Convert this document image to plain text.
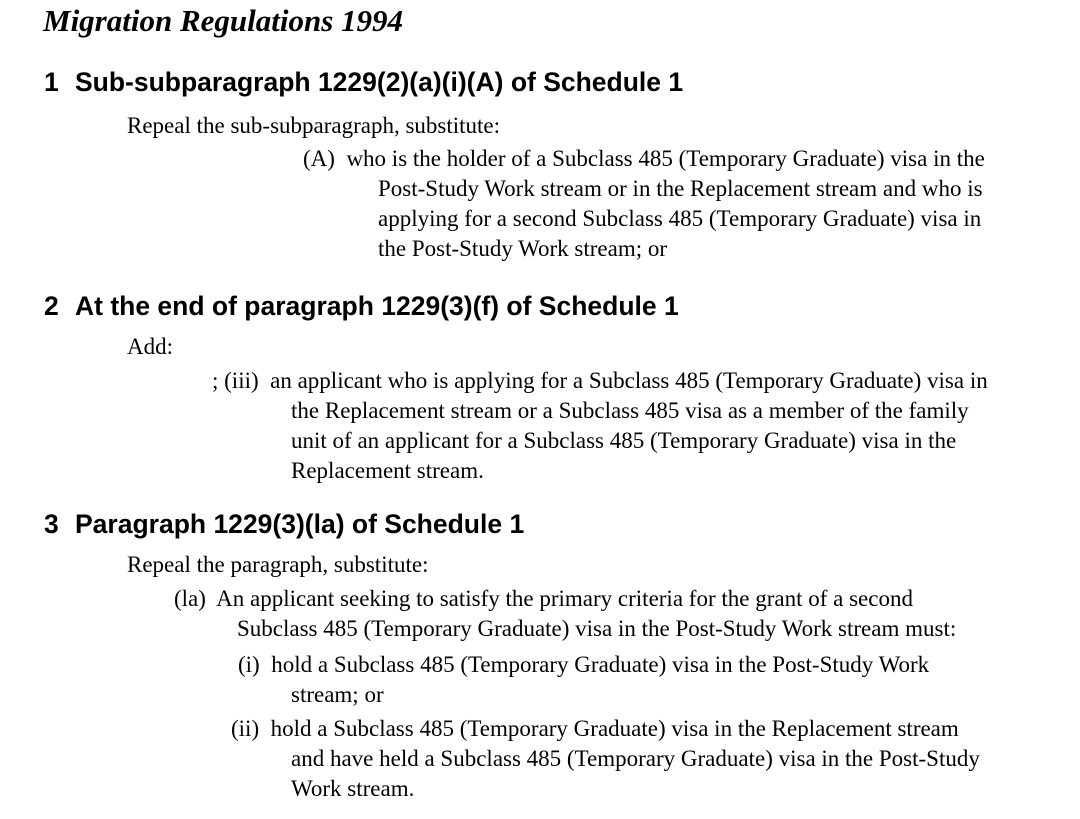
Migration Regulations 1994
1 Sub-subparagraph 1229(2)(a)(i)(A) of Schedule 1

Repeal the sub-subparagraph, substitute:

(A) who is the holder of a Subclass 485 (Temporary Graduate) visa in the
Post-Study Work stream or in the Replacement stream and who is
applying for a second Subclass 485 (Temporary Graduate) visa in
the Post-Study Work stream; or
2 At the end of paragraph 1229(3)(f) of Schedule 1

Add:

; (iii) an applicant who is applying for a Subclass 485 (Temporary Graduate) visa in
the Replacement stream or a Subclass 485 visa as a member of the family
unit of an applicant for a Subclass 485 (Temporary Graduate) visa in the
Replacement stream.
3 Paragraph 1229(3)(la) of Schedule 1

Repeal the paragraph, substitute:

(la) An applicant seeking to satisfy the primary criteria for the grant of a second
Subclass 485 (Temporary Graduate) visa in the Post-Study Work stream must:
(i) hold a Subclass 485 (Temporary Graduate) visa in the Post-Study Work
stream; or
(ii) hold a Subclass 485 (Temporary Graduate) visa in the Replacement stream
and have held a Subclass 485 (Temporary Graduate) visa in the Post-Study
Work stream.
